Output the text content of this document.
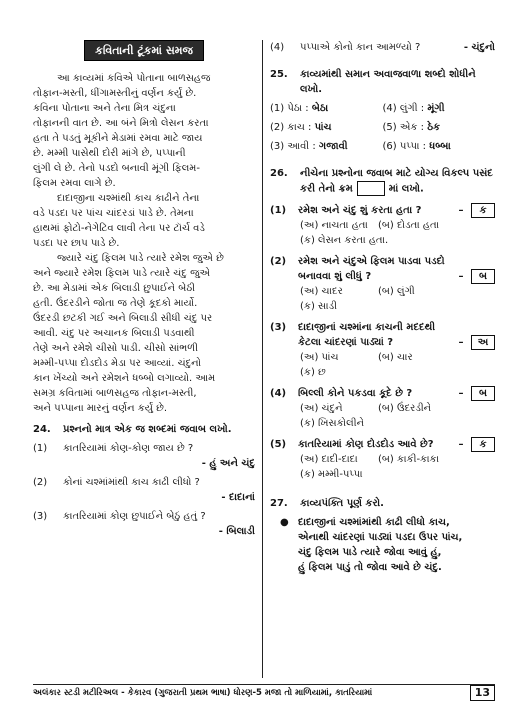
કવિતાની ટૂંકમાં સમજ
આ કાવ્યમાં કવિએ પોતાના બાળસહજ
તોફાન-મસ્તી, ધીંગામસ્તીનું વર્ણન કર્યું છે.
કવિના પોતાના અને તેના મિત્ર ચંદુના
તોફાનની વાત છે. આ બંને મિત્રો લેસન કરતા
હતા તે પડતું મૂકીને મેડામાં રમવા માટે જાય
છે. મમ્મી પાસેથી દોરી માંગે છે, પપ્પાની
લુંગી લે છે. તેનો પડદો બનાવી મૂંગી ફિલમ-
ફિલમ રમવા લાગે છે.
દાદાજીના ચશ્માંથી કાચ કાઢીને તેના
વડે પડદા પર પાંચ ચાંદરડાં પાડે છે. તેમના
હાથમાં ફોટો-નેગેટિવ લાવી તેના પર ટૉર્ચ વડે
પડદા પર છાપ પાડે છે.
જ્યારે ચંદુ ફિલમ પાડે ત્યારે રમેશ જુએ છે
અને જ્યારે રમેશ ફિલમ પાડે ત્યારે ચંદુ જુએ
છે. આ મેડામાં એક બિલાડી છુપાઈને બેઠી
હતી. ઉંદરડીને જોતા જ તેણે કૂદકો માર્યો.
ઉંદરડી છટકી ગઈ અને બિલાડી સીધી ચંદુ પર
આવી. ચંદુ પર અચાનક બિલાડી પડવાથી
તેણે અને રમેશે ચીસો પાડી. ચીસો સાંભળી
મમ્મી-પપ્પા દોડદોડ મેડા પર આવ્યાં. ચંદુનો
કાન ખેંચ્યો અને રમેશને ધબ્બો લગાવ્યો. આમ
સમગ્ર કવિતામાં બાળસહજ તોફાન-મસ્તી,
અને પપ્પાના મારનું વર્ણન કર્યું છે.
24.	પ્રશ્નનો માત્ર એક જ શબ્દમાં જવાબ લખો.
(1)	કાતરિયામાં કોણ-કોણ જાય છે ?
- હું અને ચંદુ
(2)	કોનાં ચશ્માંમાંથી કાચ કાઢી લીધો ?
- દાદાનાં
(3)	કાતરિયામાં કોણ છુપાઈને બેઠું હતું ?
- બિલાડી
(4)	પપ્પાએ કોનો કાન આમળ્યો ?	- ચંદુનો
25.	કાવ્યમાંથી સમાન અવાજવાળા શબ્દો શોધીને લખો.
(1) પેઠા : બેઠા	(4) લુંગી : મૂંગી
(2) કાચ : પાંચ	(5) એક : ઠેક
(3) આવી : ગજાવી	(6) પપ્પા : ધબ્બા
26.	નીચેના પ્રશ્નોના જવાબ માટે યોગ્ય વિકલ્પ પસંદ કરી તેનો ક્રમ	માં લખો.
(1)	રમેશ અને ચંદુ શું કરતા હતા ?	– ક
(અ) નાચતા હતા	(બ) દોડતા હતા
(ક) લેસન કરતા હતા.
(2)	રમેશ અને ચંદુએ ફિલમ પાડવા પડદો બનાવવા શું લીધું ?	– બ
(અ) ચાદર	(બ) લુંગી
(ક) સાડી
(3)	દાદાજીનાં ચશ્માંના કાચની મદદથી કેટલા ચાંદરણાં પાડ્યાં ?	– અ
(અ) પાંચ	(બ) ચાર
(ક) છ
(4)	બિલ્લી કોને પકડવા કૂદે છે ?	– બ
(અ) ચંદુને	(બ) ઉંદરડીને
(ક) ખિસકોલીને
(5)	કાતરિયામાં કોણ દોડદોડ આવે છે? – ક
(અ) દાદી-દાદા	(બ) કાકી-કાકા
(ક) મમ્મી-પપ્પા
27.	કાવ્યપંક્તિ પૂર્ણ કરો.
● દાદાજીનાં ચશ્માંમાંથી કાઢી લીધો કાચ,
એનાથી ચાંદરણાં પાડ્યાં પડદા ઉપર પાંચ,
ચંદુ ફિલમ પાડે ત્યારે જોવા આવું હું,
હું ફિલમ પાડું તો જોવા આવે છે ચંદુ.
અલંકાર સ્ટડી મટીરિઅલ - કેકારવ (ગુજરાતી પ્રથમ ભાષા) ધોરણ-5 મજા તો માળિયામાં, કાતરિયામાં	13
